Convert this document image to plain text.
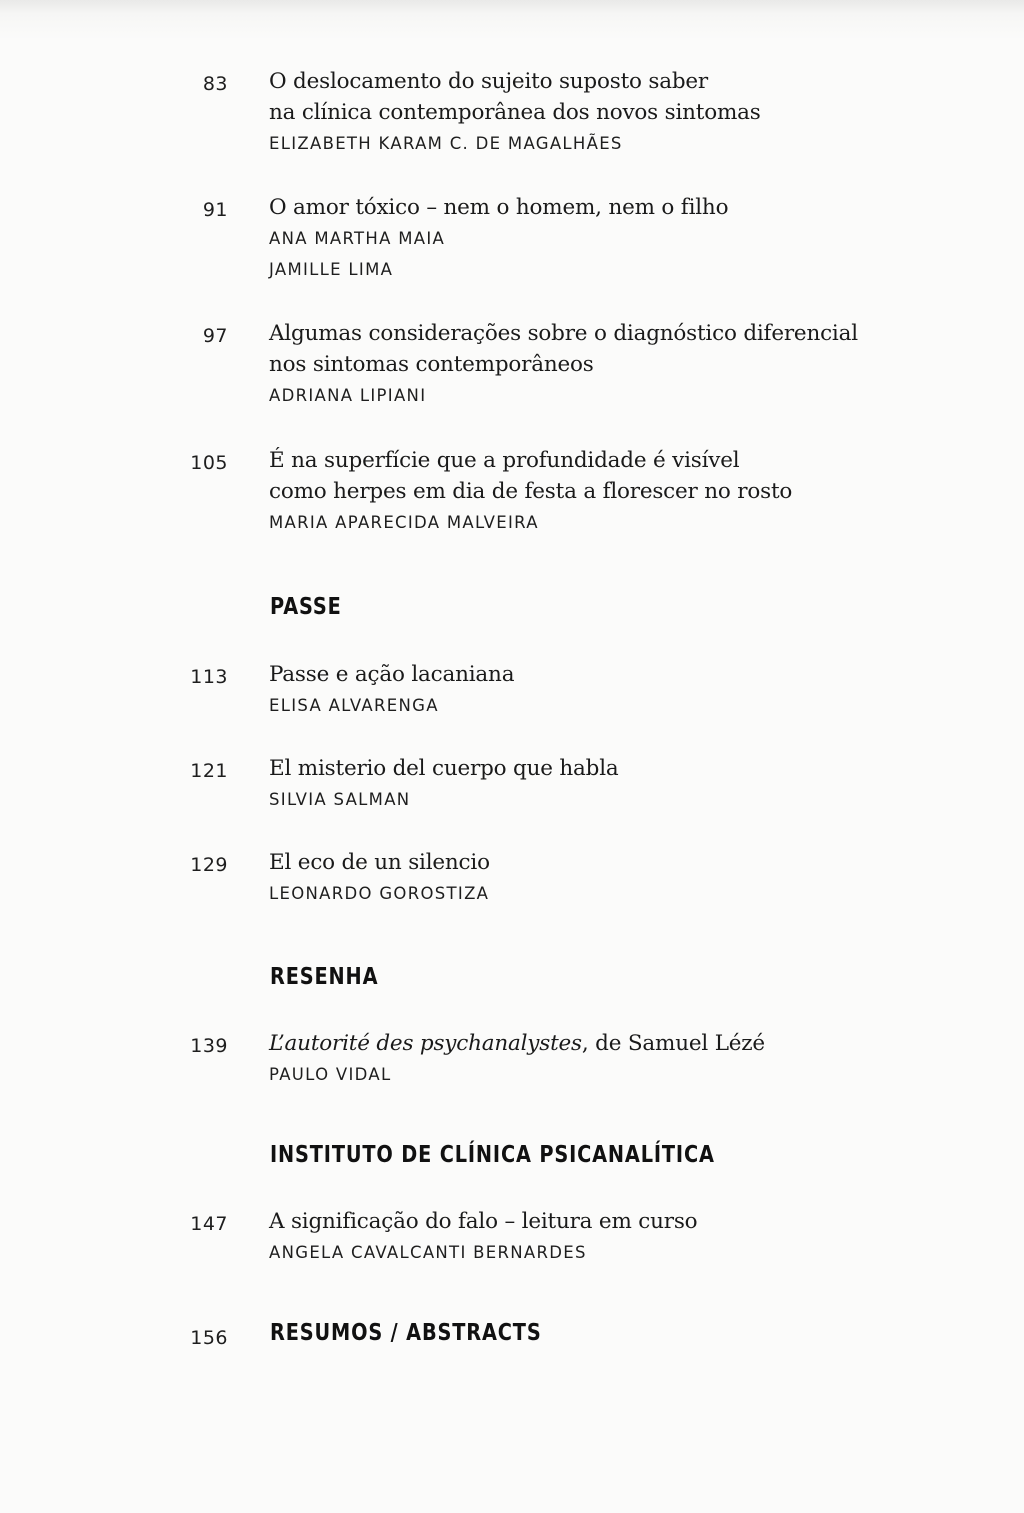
83 O deslocamento do sujeito suposto saber

na clínica contemporânea dos novos sintomas

ELIZABETH KARAM C. DE MAGALHÃES

91 O amor tóxico – nem o homem, nem o filho

ANA MARTHA MAIA

JAMILLE LIMA

97 Algumas considerações sobre o diagnóstico diferencial

nos sintomas contemporâneos

ADRIANA LIPIANI

105 É na superfície que a profundidade é visível

como herpes em dia de festa a florescer no rosto

MARIA APARECIDA MALVEIRA

PASSE
113 Passe e ação lacaniana

ELISA ALVARENGA

121 El misterio del cuerpo que habla

SILVIA SALMAN

129 El eco de un silencio

LEONARDO GOROSTIZA

RESENHA
139 L’autorité des psychanalystes, de Samuel Lézé

PAULO VIDAL

INSTITUTO DE CLÍNICA PSICANALÍTICA
147 A significação do falo – leitura em curso

ANGELA CAVALCANTI BERNARDES

156 RESUMOS / ABSTRACTS
